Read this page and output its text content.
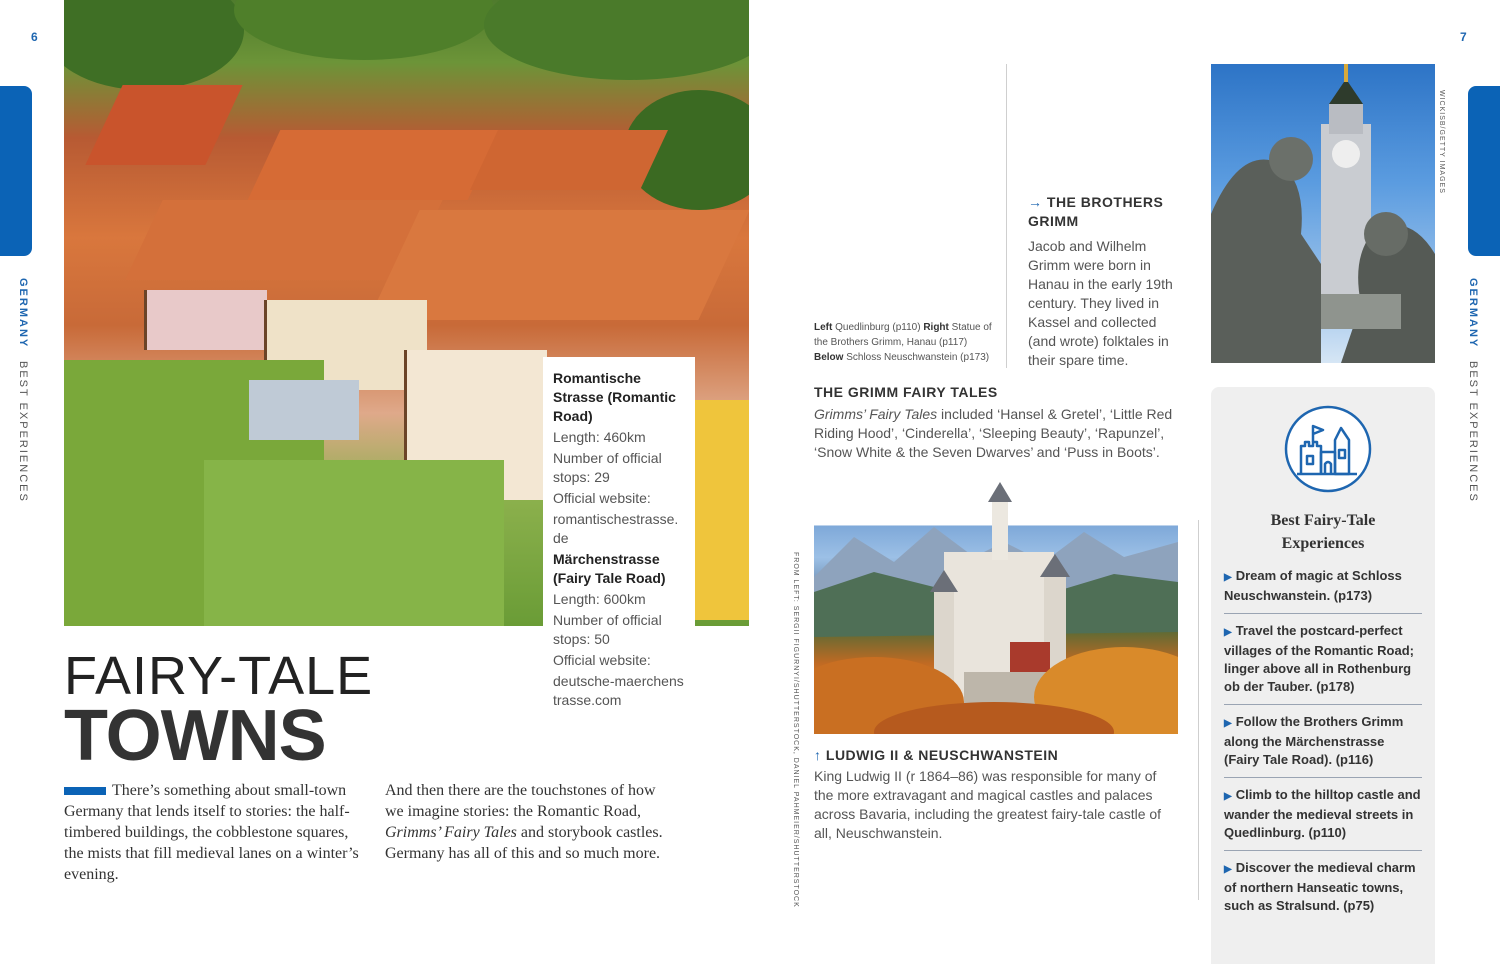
6	7
GERMANY BEST EXPERIENCES
GERMANY BEST EXPERIENCES
Romantische Strasse (Romantic Road)
Length: 460km
Number of official stops: 29
Official website:
romantischestrasse.de
Märchenstrasse (Fairy Tale Road)
Length: 600km
Number of official stops: 50
Official website:
deutsche-maerchenstrasse.com
FAIRY-TALE
TOWNS
There’s something about small-town Germany that lends itself to stories: the half-timbered buildings, the cobblestone squares, the mists that fill medieval lanes on a winter’s evening.
And then there are the touchstones of how we imagine stories: the Romantic Road, Grimms’ Fairy Tales and storybook castles. Germany has all of this and so much more.	FROM LEFT: SERGII FIGURNYI/SHUTTERSTOCK, DANIEL PAHMEIER/SHUTTERSTOCK
Left Quedlinburg (p110) Right Statue of the Brothers Grimm, Hanau (p117) Below Schloss Neuschwanstein (p173)
→ THE BROTHERS GRIMM
Jacob and Wilhelm Grimm were born in Hanau in the early 19th century. They lived in Kassel and collected (and wrote) folktales in their spare time.
THE GRIMM FAIRY TALES
Grimms’ Fairy Tales included ‘Hansel & Gretel’, ‘Little Red Riding Hood’, ‘Cinderella’, ‘Sleeping Beauty’, ‘Rapunzel’, ‘Snow White & the Seven Dwarves’ and ‘Puss in Boots’.
↑ LUDWIG II & NEUSCHWANSTEIN
King Ludwig II (r 1864–86) was responsible for many of the more extravagant and magical castles and palaces across Bavaria, including the greatest fairy-tale castle of all, Neuschwanstein.
WICKISB/GETTY IMAGES
Best Fairy-Tale Experiences
▶ Dream of magic at Schloss Neuschwanstein. (p173)
▶ Travel the postcard-perfect villages of the Romantic Road; linger above all in Rothenburg ob der Tauber. (p178)
▶ Follow the Brothers Grimm along the Märchenstrasse (Fairy Tale Road). (p116)
▶ Climb to the hilltop castle and wander the medieval streets in Quedlinburg. (p110)
▶ Discover the medieval charm of northern Hanseatic towns, such as Stralsund. (p75)
